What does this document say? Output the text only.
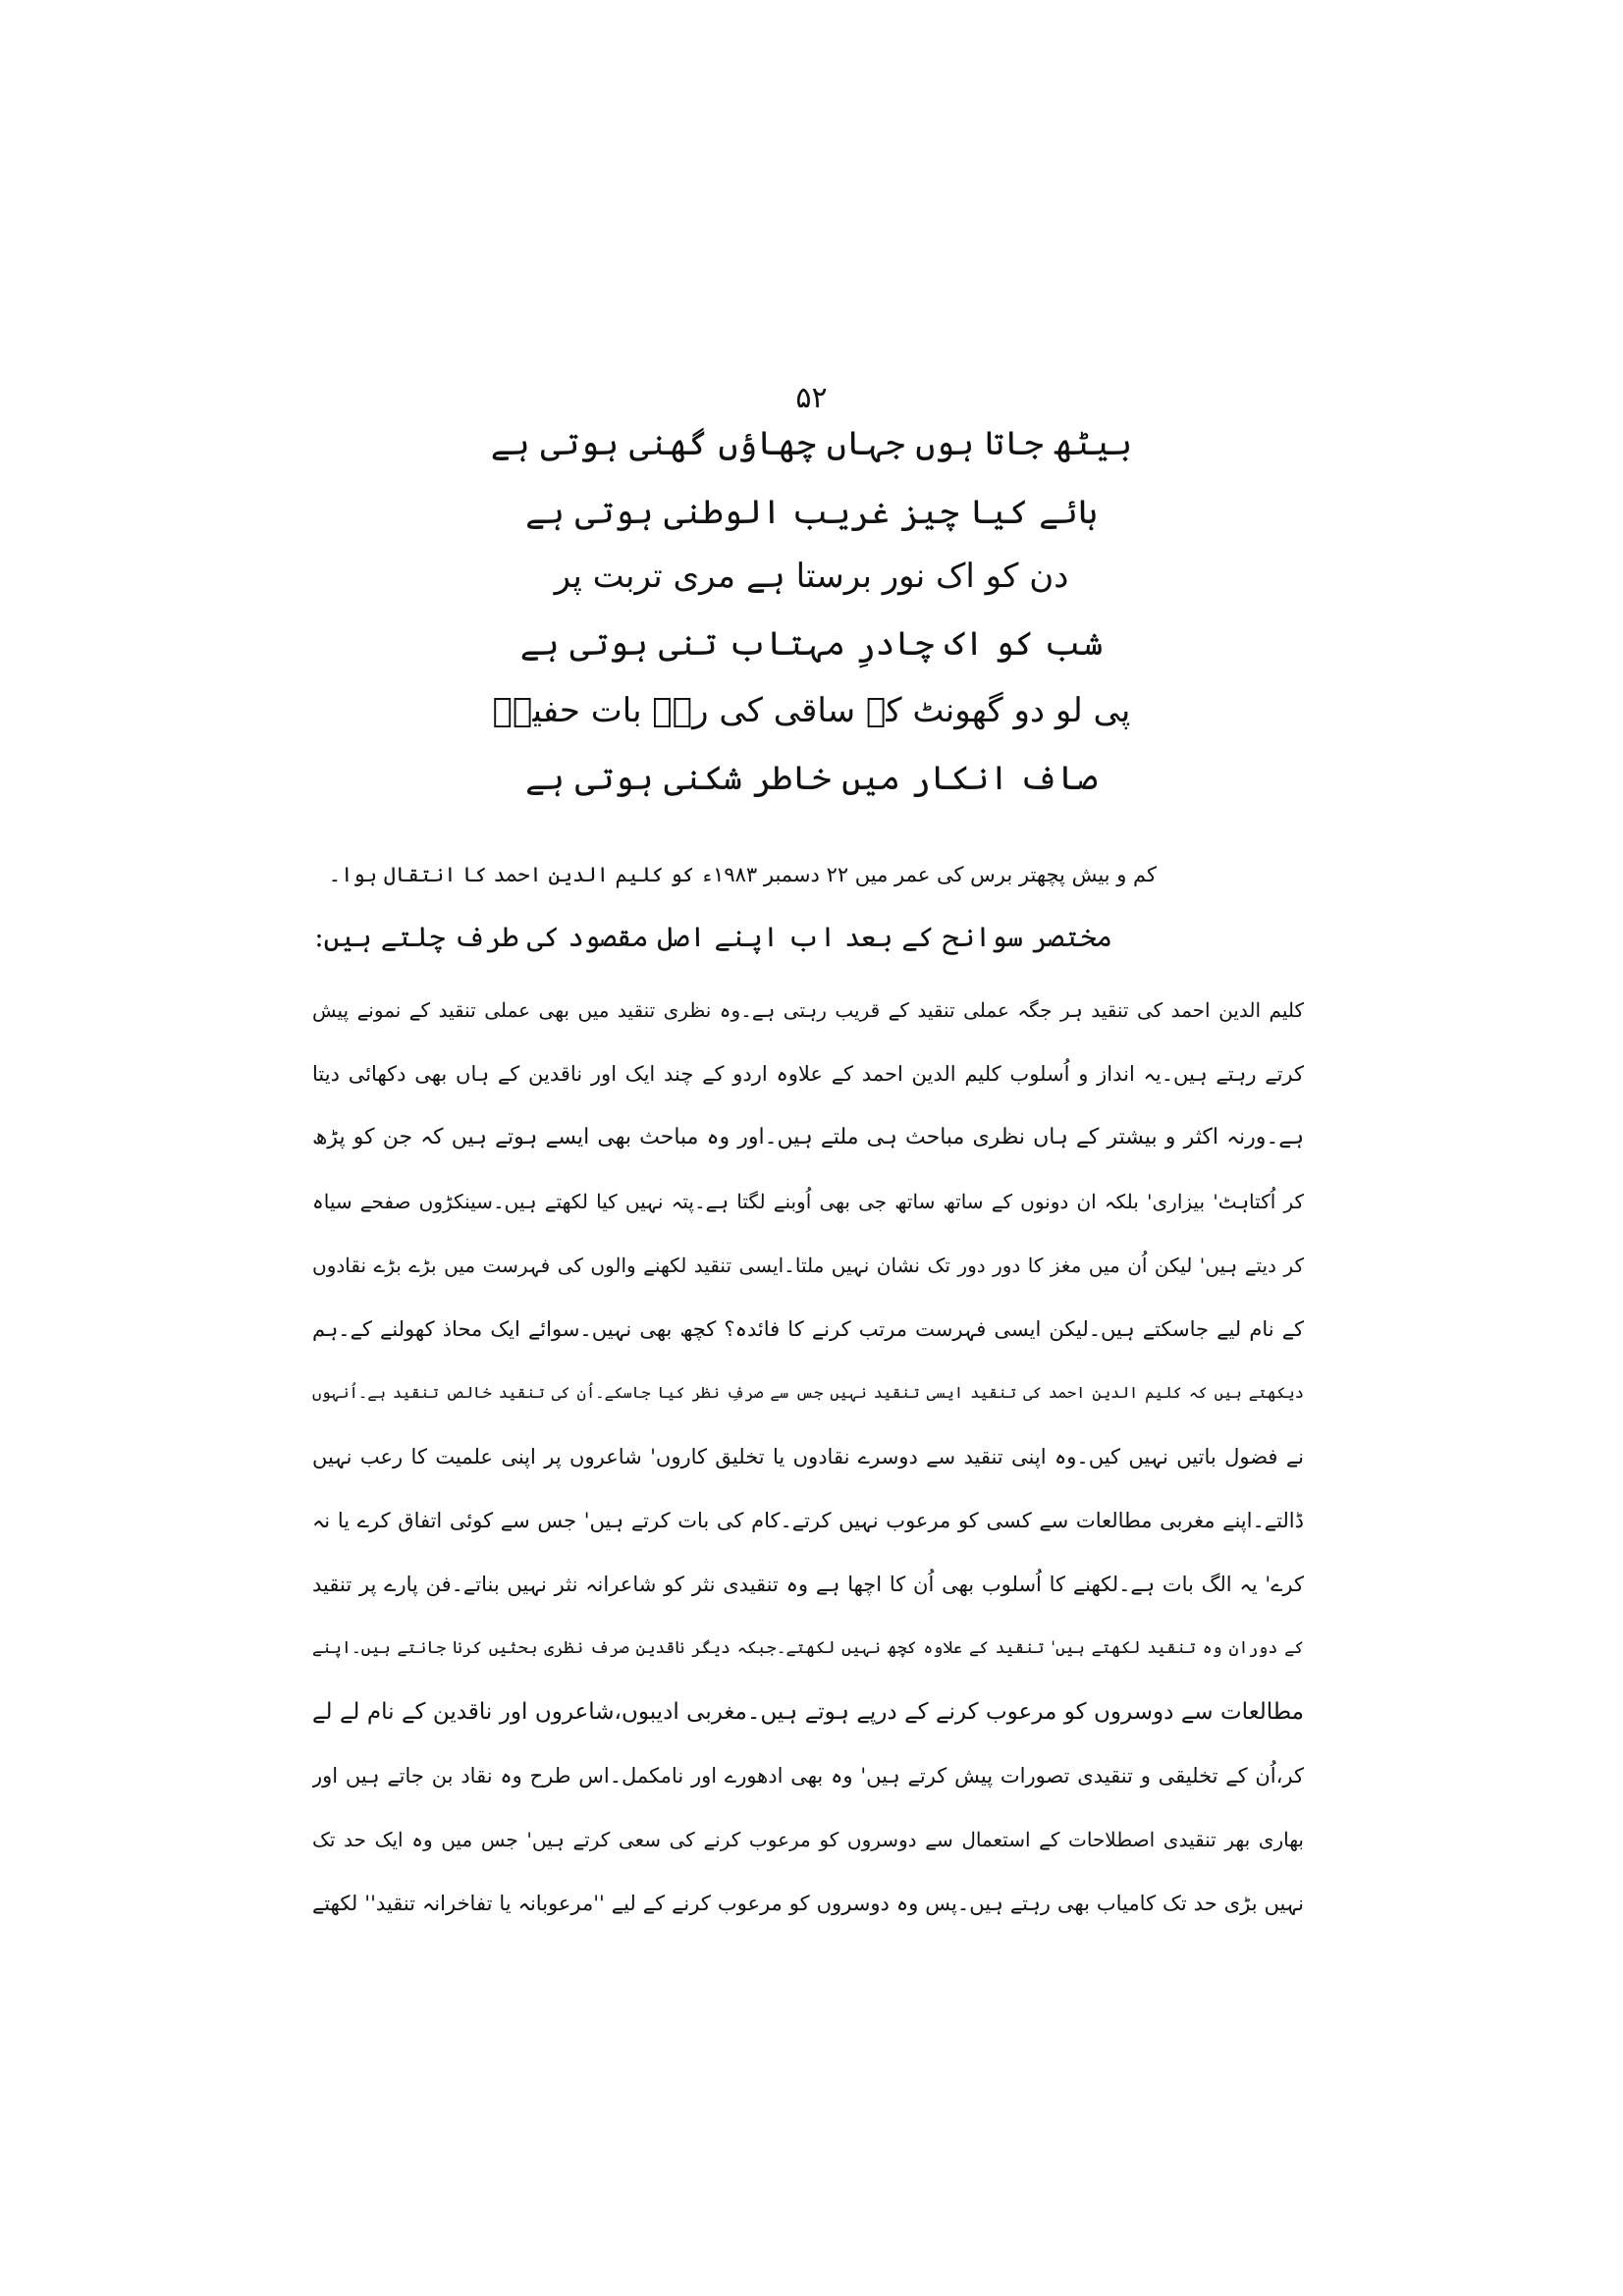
۵۲
بیٹھ جاتا ہوں جہاں چھاؤں گھنی ہوتی ہے
ہائے کیا چیز غریب الوطنی ہوتی ہے
دن کو اک نور برستا ہے مری تربت پر
شب کو اک چادرِ مہتاب تنی ہوتی ہے
پی لو دو گھونٹ کہ ساقی کی رہے بات حفیظؔ
صاف انکار میں خاطر شکنی ہوتی ہے
کم و بیش پچھتر برس کی عمر میں ۲۲ دسمبر ۱۹۸۳ء کو کلیم الدین احمد کا انتقال ہوا۔
مختصر سوانح کے بعد اب اپنے اصل مقصود کی طرف چلتے ہیں:
کلیم الدین احمد کی تنقید ہر جگہ عملی تنقید کے قریب رہتی ہے۔وہ نظری تنقید میں بھی عملی تنقید کے نمونے پیش
کرتے رہتے ہیں۔یہ انداز و اُسلوب کلیم الدین احمد کے علاوہ اردو کے چند ایک اور ناقدین کے ہاں بھی دکھائی دیتا
ہے۔ورنہ اکثر و بیشتر کے ہاں نظری مباحث ہی ملتے ہیں۔اور وہ مباحث بھی ایسے ہوتے ہیں کہ جن کو پڑھ
کر اُکتاہٹ' بیزاری' بلکہ ان دونوں کے ساتھ ساتھ جی بھی اُوبنے لگتا ہے۔پتہ نہیں کیا لکھتے ہیں۔سینکڑوں صفحے سیاہ
کر دیتے ہیں' لیکن اُن میں مغز کا دور دور تک نشان نہیں ملتا۔ایسی تنقید لکھنے والوں کی فہرست میں بڑے بڑے نقادوں
کے نام لیے جاسکتے ہیں۔لیکن ایسی فہرست مرتب کرنے کا فائدہ؟ کچھ بھی نہیں۔سوائے ایک محاذ کھولنے کے۔ہم
دیکھتے ہیں کہ کلیم الدین احمد کی تنقید ایسی تنقید نہیں جس سے صرفِ نظر کیا جاسکے۔اُن کی تنقید خالص تنقید ہے۔اُنہوں
نے فضول باتیں نہیں کیں۔وہ اپنی تنقید سے دوسرے نقادوں یا تخلیق کاروں' شاعروں پر اپنی علمیت کا رعب نہیں
ڈالتے۔اپنے مغربی مطالعات سے کسی کو مرعوب نہیں کرتے۔کام کی بات کرتے ہیں' جس سے کوئی اتفاق کرے یا نہ
کرے' یہ الگ بات ہے۔لکھنے کا اُسلوب بھی اُن کا اچھا ہے وہ تنقیدی نثر کو شاعرانہ نثر نہیں بناتے۔فن پارے پر تنقید
کے دوران وہ تنقید لکھتے ہیں' تنقید کے علاوہ کچھ نہیں لکھتے۔جبکہ دیگر ناقدین صرف نظری بحثیں کرنا جانتے ہیں۔اپنے
مطالعات سے دوسروں کو مرعوب کرنے کے درپے ہوتے ہیں۔مغربی ادیبوں،شاعروں اور ناقدین کے نام لے لے
کر،اُن کے تخلیقی و تنقیدی تصورات پیش کرتے ہیں' وہ بھی ادھورے اور نامکمل۔اس طرح وہ نقاد بن جاتے ہیں اور
بھاری بھر تنقیدی اصطلاحات کے استعمال سے دوسروں کو مرعوب کرنے کی سعی کرتے ہیں' جس میں وہ ایک حد تک
نہیں بڑی حد تک کامیاب بھی رہتے ہیں۔پس وہ دوسروں کو مرعوب کرنے کے لیے ''مرعوبانہ یا تفاخرانہ تنقید'' لکھتے
